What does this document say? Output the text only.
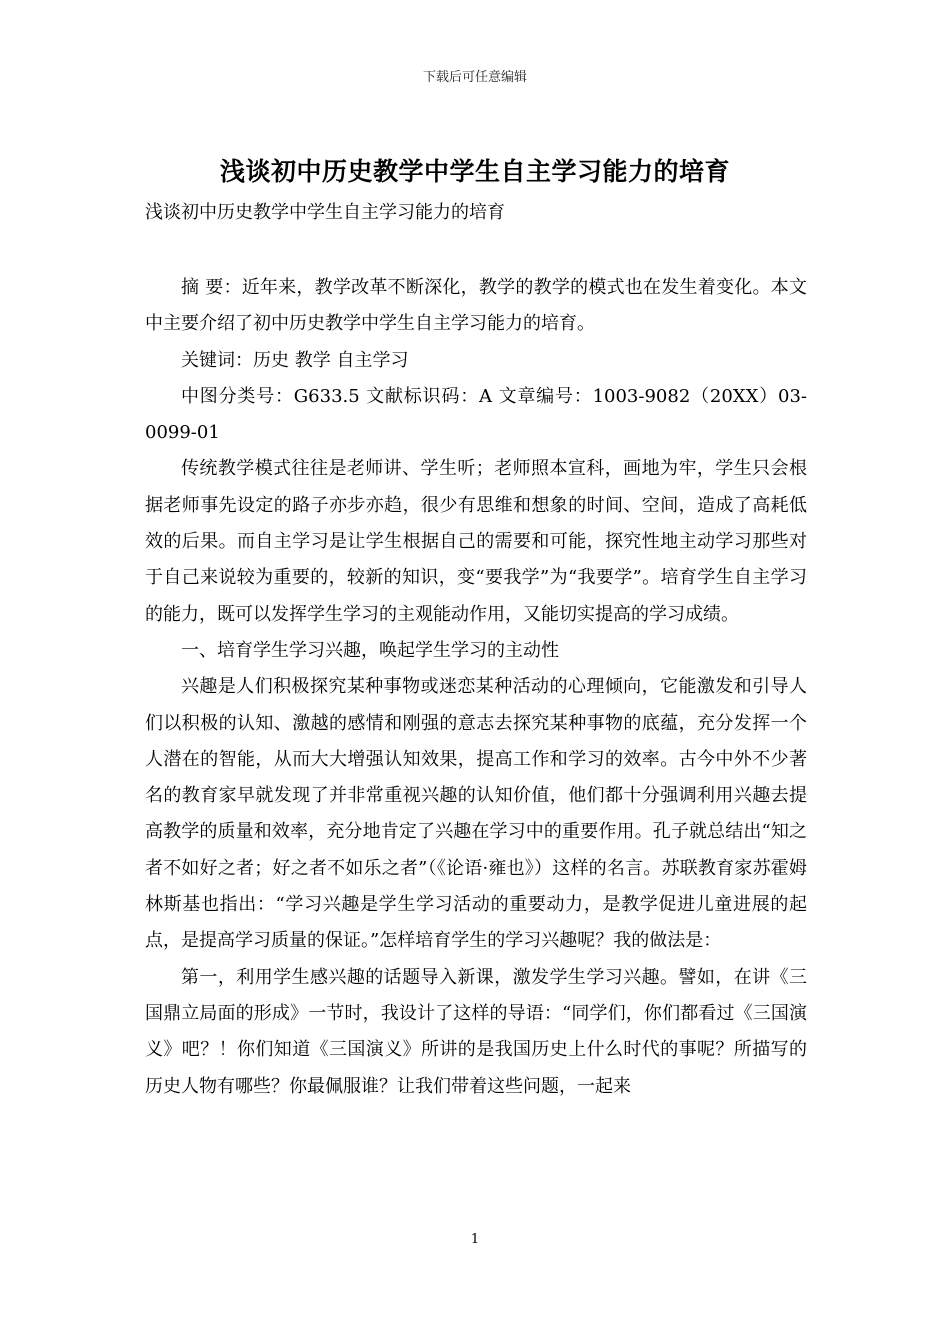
下载后可任意编辑
浅谈初中历史教学中学生自主学习能力的培育
浅谈初中历史教学中学生自主学习能力的培育

摘 要：近年来，教学改革不断深化，教学的教学的模式也在发生着变化。本文中主要介绍了初中历史教学中学生自主学习能力的培育。

关键词：历史 教学 自主学习

中图分类号：G633.5 文献标识码：A 文章编号：1003-9082（20XX）03-0099-01

传统教学模式往往是老师讲、学生听；老师照本宣科，画地为牢，学生只会根据老师事先设定的路子亦步亦趋，很少有思维和想象的时间、空间，造成了高耗低效的后果。而自主学习是让学生根据自己的需要和可能，探究性地主动学习那些对于自己来说较为重要的，较新的知识，变“要我学”为“我要学”。培育学生自主学习的能力，既可以发挥学生学习的主观能动作用，又能切实提高的学习成绩。

一、培育学生学习兴趣，唤起学生学习的主动性

兴趣是人们积极探究某种事物或迷恋某种活动的心理倾向，它能激发和引导人们以积极的认知、激越的感情和刚强的意志去探究某种事物的底蕴，充分发挥一个人潜在的智能，从而大大增强认知效果，提高工作和学习的效率。古今中外不少著名的教育家早就发现了并非常重视兴趣的认知价值，他们都十分强调利用兴趣去提高教学的质量和效率，充分地肯定了兴趣在学习中的重要作用。孔子就总结出“知之者不如好之者；好之者不如乐之者”（《论语·雍也》）这样的名言。苏联教育家苏霍姆林斯基也指出：“学习兴趣是学生学习活动的重要动力，是教学促进儿童进展的起点，是提高学习质量的保证。”怎样培育学生的学习兴趣呢？我的做法是：

第一，利用学生感兴趣的话题导入新课，激发学生学习兴趣。譬如，在讲《三国鼎立局面的形成》一节时，我设计了这样的导语：“同学们，你们都看过《三国演义》吧？！你们知道《三国演义》所讲的是我国历史上什么时代的事呢？所描写的历史人物有哪些？你最佩服谁？让我们带着这些问题，一起来

1
